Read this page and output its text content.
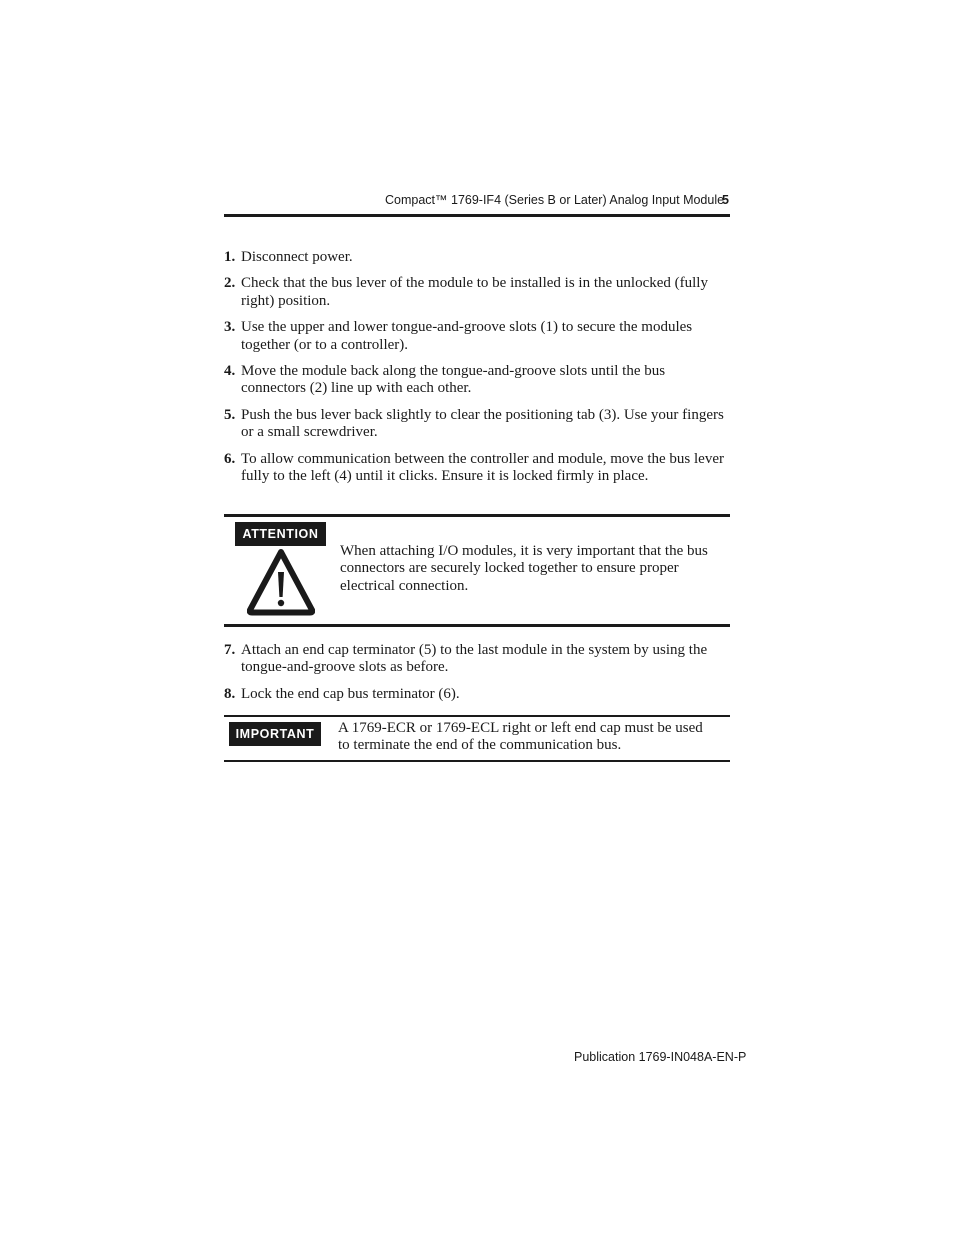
Compact™ 1769-IF4 (Series B or Later) Analog Input Module
5
1. Disconnect power.
2. Check that the bus lever of the module to be installed is in the unlocked (fully right) position.
3. Use the upper and lower tongue-and-groove slots (1) to secure the modules together (or to a controller).
4. Move the module back along the tongue-and-groove slots until the bus connectors (2) line up with each other.
5. Push the bus lever back slightly to clear the positioning tab (3). Use your fingers or a small screwdriver.
6. To allow communication between the controller and module, move the bus lever fully to the left (4) until it clicks. Ensure it is locked firmly in place.
ATTENTION
When attaching I/O modules, it is very important that the bus connectors are securely locked together to ensure proper electrical connection.
7. Attach an end cap terminator (5) to the last module in the system by using the tongue-and-groove slots as before.
8. Lock the end cap bus terminator (6).
IMPORTANT	A 1769-ECR or 1769-ECL right or left end cap must be used to terminate the end of the communication bus.
Publication 1769-IN048A-EN-P
